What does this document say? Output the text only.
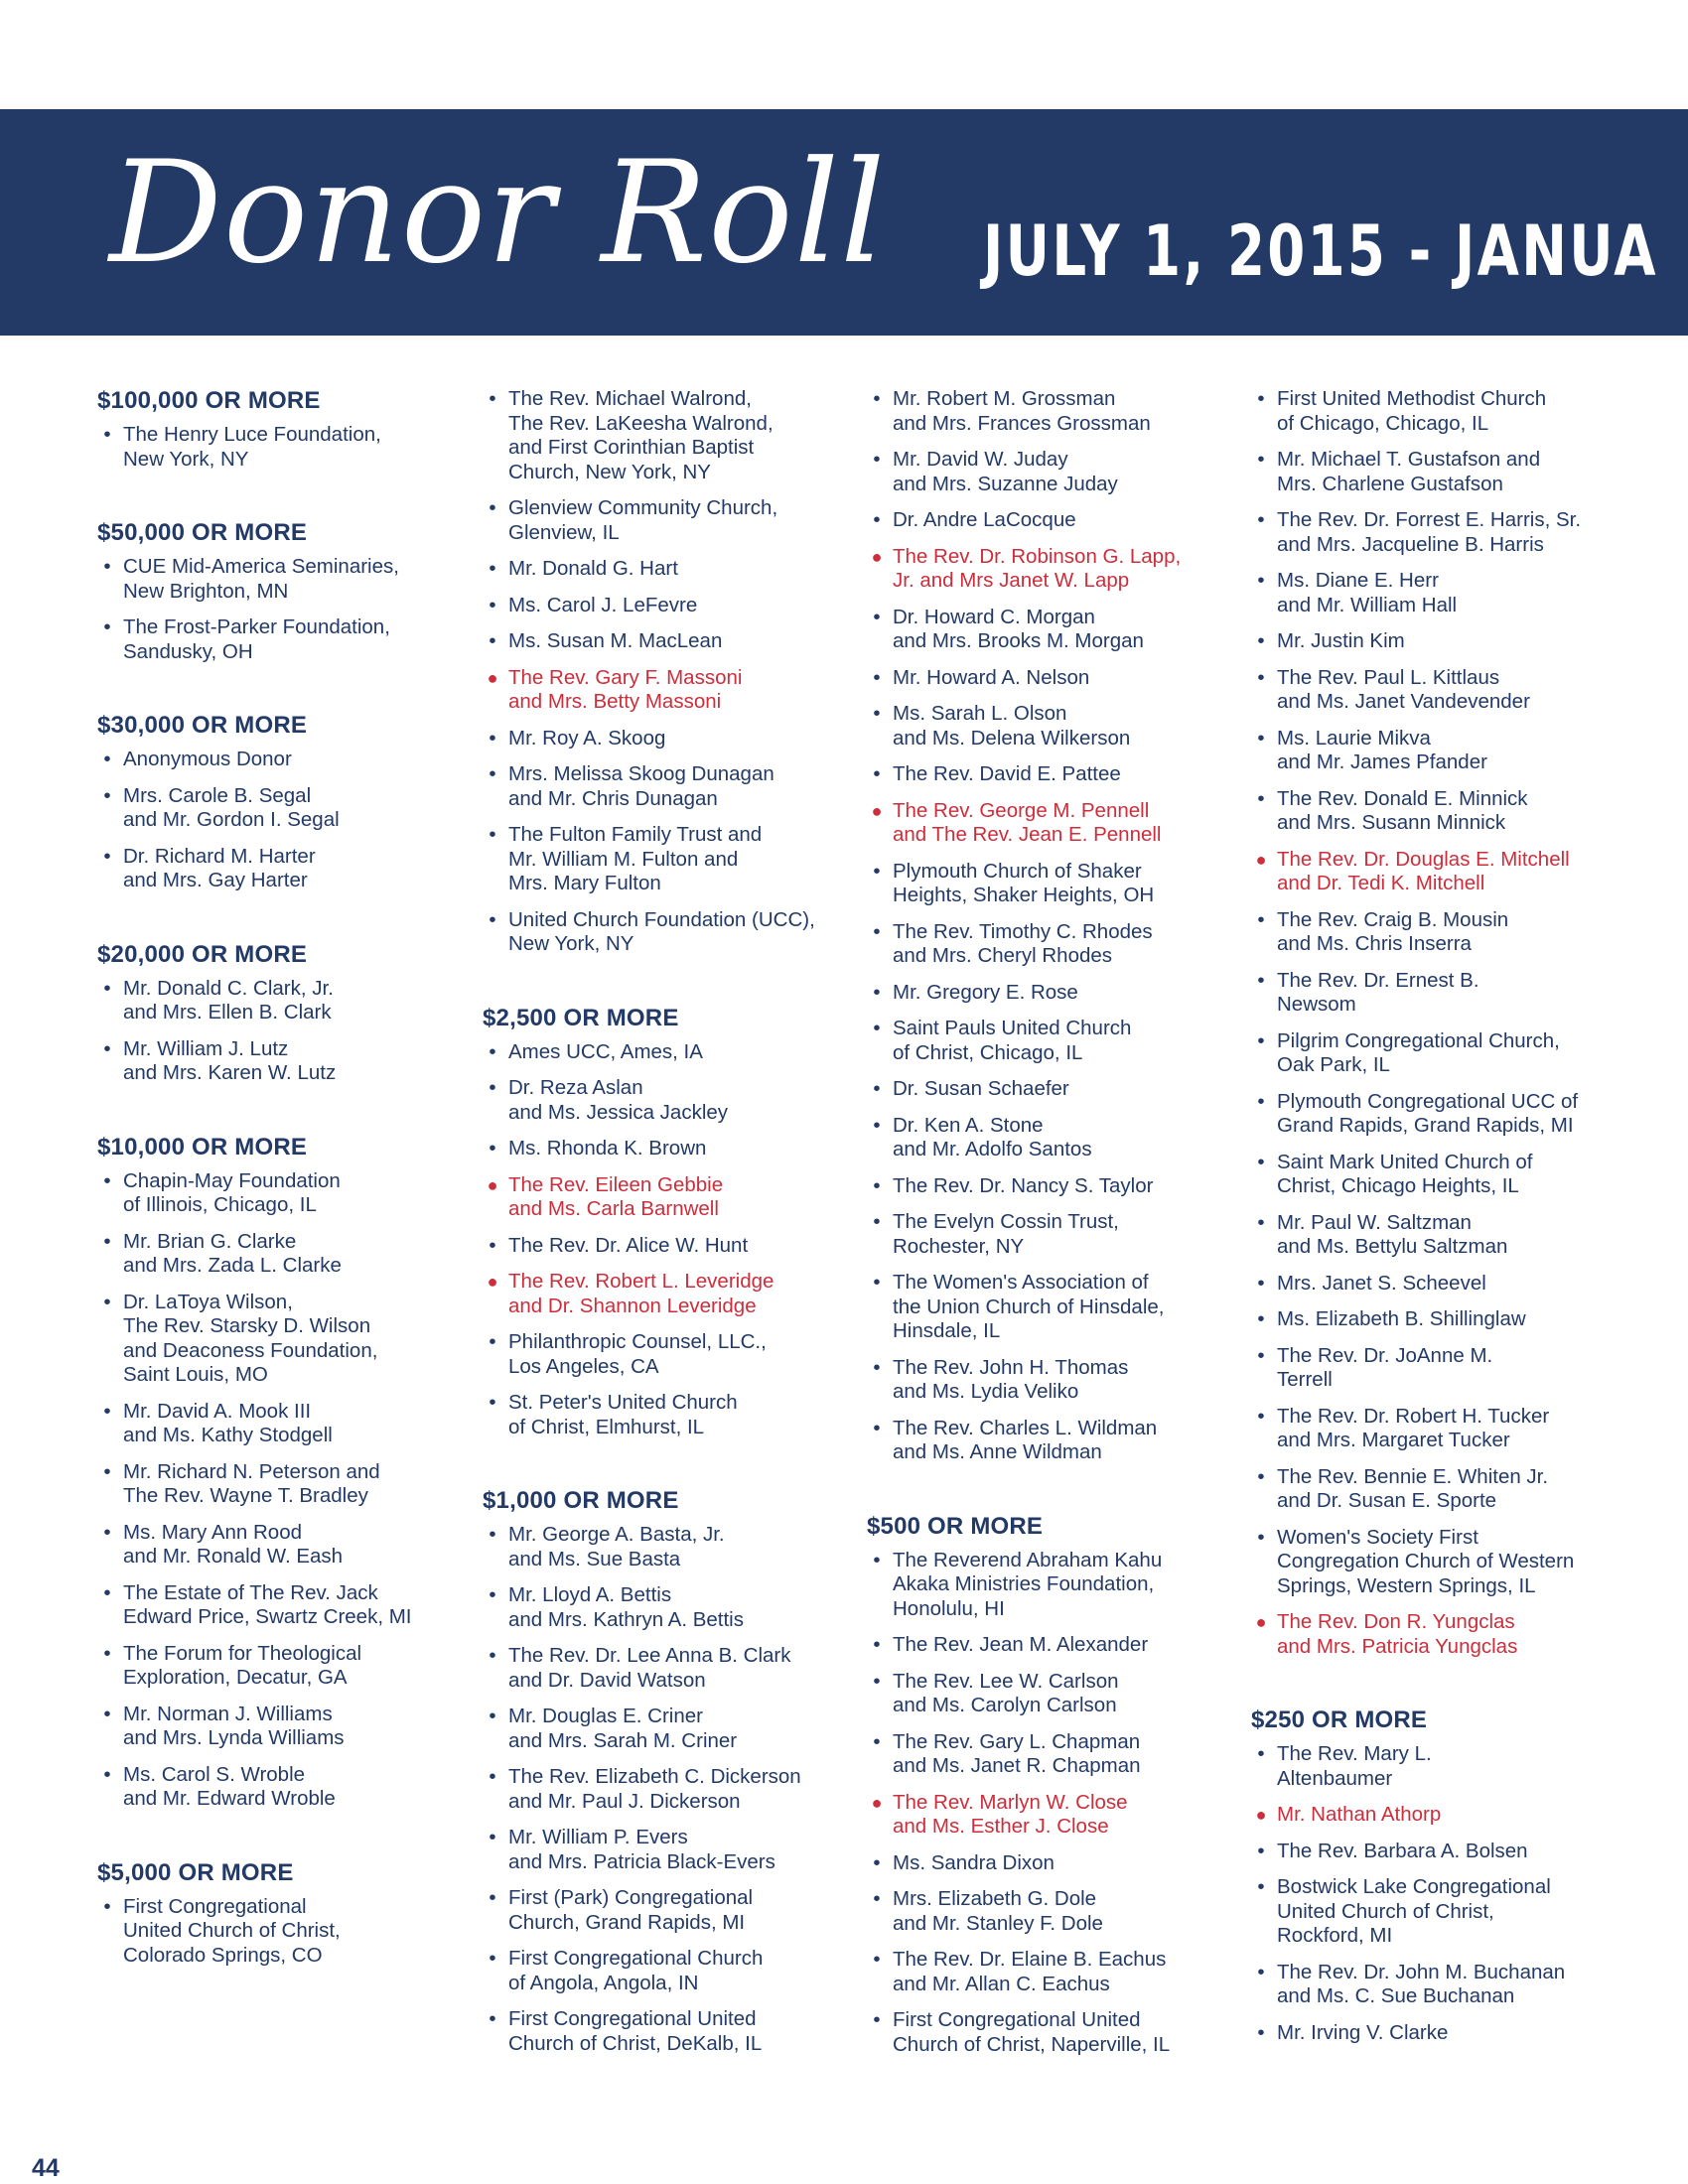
Donor Roll JULY 1, 2015 - JANUA
$100,000 OR MORE
• The Henry Luce Foundation,
New York, NY
$50,000 OR MORE
• CUE Mid-America Seminaries,
New Brighton, MN
• The Frost-Parker Foundation,
Sandusky, OH
$30,000 OR MORE
• Anonymous Donor
• Mrs. Carole B. Segal
and Mr. Gordon I. Segal
• Dr. Richard M. Harter
and Mrs. Gay Harter
$20,000 OR MORE
• Mr. Donald C. Clark, Jr.
and Mrs. Ellen B. Clark
• Mr. William J. Lutz
and Mrs. Karen W. Lutz
$10,000 OR MORE
• Chapin-May Foundation
of Illinois, Chicago, IL
• Mr. Brian G. Clarke
and Mrs. Zada L. Clarke
• Dr. LaToya Wilson,
The Rev. Starsky D. Wilson
and Deaconess Foundation,
Saint Louis, MO
• Mr. David A. Mook III
and Ms. Kathy Stodgell
• Mr. Richard N. Peterson and
The Rev. Wayne T. Bradley
• Ms. Mary Ann Rood
and Mr. Ronald W. Eash
• The Estate of The Rev. Jack
Edward Price, Swartz Creek, MI
• The Forum for Theological
Exploration, Decatur, GA
• Mr. Norman J. Williams
and Mrs. Lynda Williams
• Ms. Carol S. Wroble
and Mr. Edward Wroble
$5,000 OR MORE
• First Congregational
United Church of Christ,
Colorado Springs, CO
• The Rev. Michael Walrond,
The Rev. LaKeesha Walrond,
and First Corinthian Baptist
Church, New York, NY
• Glenview Community Church,
Glenview, IL
• Mr. Donald G. Hart
• Ms. Carol J. LeFevre
• Ms. Susan M. MacLean
● The Rev. Gary F. Massoni
and Mrs. Betty Massoni
• Mr. Roy A. Skoog
• Mrs. Melissa Skoog Dunagan
and Mr. Chris Dunagan
• The Fulton Family Trust and
Mr. William M. Fulton and
Mrs. Mary Fulton
• United Church Foundation (UCC),
New York, NY
$2,500 OR MORE
• Ames UCC, Ames, IA
• Dr. Reza Aslan
and Ms. Jessica Jackley
• Ms. Rhonda K. Brown
● The Rev. Eileen Gebbie
and Ms. Carla Barnwell
• The Rev. Dr. Alice W. Hunt
● The Rev. Robert L. Leveridge
and Dr. Shannon Leveridge
• Philanthropic Counsel, LLC.,
Los Angeles, CA
• St. Peter's United Church
of Christ, Elmhurst, IL
$1,000 OR MORE
• Mr. George A. Basta, Jr.
and Ms. Sue Basta
• Mr. Lloyd A. Bettis
and Mrs. Kathryn A. Bettis
• The Rev. Dr. Lee Anna B. Clark
and Dr. David Watson
• Mr. Douglas E. Criner
and Mrs. Sarah M. Criner
• The Rev. Elizabeth C. Dickerson
and Mr. Paul J. Dickerson
• Mr. William P. Evers
and Mrs. Patricia Black-Evers
• First (Park) Congregational
Church, Grand Rapids, MI
• First Congregational Church
of Angola, Angola, IN
• First Congregational United
Church of Christ, DeKalb, IL
• Mr. Robert M. Grossman
and Mrs. Frances Grossman
• Mr. David W. Juday
and Mrs. Suzanne Juday
• Dr. Andre LaCocque
● The Rev. Dr. Robinson G. Lapp,
Jr. and Mrs Janet W. Lapp
• Dr. Howard C. Morgan
and Mrs. Brooks M. Morgan
• Mr. Howard A. Nelson
• Ms. Sarah L. Olson
and Ms. Delena Wilkerson
• The Rev. David E. Pattee
● The Rev. George M. Pennell
and The Rev. Jean E. Pennell
• Plymouth Church of Shaker
Heights, Shaker Heights, OH
• The Rev. Timothy C. Rhodes
and Mrs. Cheryl Rhodes
• Mr. Gregory E. Rose
• Saint Pauls United Church
of Christ, Chicago, IL
• Dr. Susan Schaefer
• Dr. Ken A. Stone
and Mr. Adolfo Santos
• The Rev. Dr. Nancy S. Taylor
• The Evelyn Cossin Trust,
Rochester, NY
• The Women's Association of
the Union Church of Hinsdale,
Hinsdale, IL
• The Rev. John H. Thomas
and Ms. Lydia Veliko
• The Rev. Charles L. Wildman
and Ms. Anne Wildman
$500 OR MORE
• The Reverend Abraham Kahu
Akaka Ministries Foundation,
Honolulu, HI
• The Rev. Jean M. Alexander
• The Rev. Lee W. Carlson
and Ms. Carolyn Carlson
• The Rev. Gary L. Chapman
and Ms. Janet R. Chapman
● The Rev. Marlyn W. Close
and Ms. Esther J. Close
• Ms. Sandra Dixon
• Mrs. Elizabeth G. Dole
and Mr. Stanley F. Dole
• The Rev. Dr. Elaine B. Eachus
and Mr. Allan C. Eachus
• First Congregational United
Church of Christ, Naperville, IL
• First United Methodist Church
of Chicago, Chicago, IL
• Mr. Michael T. Gustafson and
Mrs. Charlene Gustafson
• The Rev. Dr. Forrest E. Harris, Sr.
and Mrs. Jacqueline B. Harris
• Ms. Diane E. Herr
and Mr. William Hall
• Mr. Justin Kim
• The Rev. Paul L. Kittlaus
and Ms. Janet Vandevender
• Ms. Laurie Mikva
and Mr. James Pfander
• The Rev. Donald E. Minnick
and Mrs. Susann Minnick
● The Rev. Dr. Douglas E. Mitchell
and Dr. Tedi K. Mitchell
• The Rev. Craig B. Mousin
and Ms. Chris Inserra
• The Rev. Dr. Ernest B.
Newsom
• Pilgrim Congregational Church,
Oak Park, IL
• Plymouth Congregational UCC of
Grand Rapids, Grand Rapids, MI
• Saint Mark United Church of
Christ, Chicago Heights, IL
• Mr. Paul W. Saltzman
and Ms. Bettylu Saltzman
• Mrs. Janet S. Scheevel
• Ms. Elizabeth B. Shillinglaw
• The Rev. Dr. JoAnne M.
Terrell
• The Rev. Dr. Robert H. Tucker
and Mrs. Margaret Tucker
• The Rev. Bennie E. Whiten Jr.
and Dr. Susan E. Sporte
• Women's Society First
Congregation Church of Western
Springs, Western Springs, IL
● The Rev. Don R. Yungclas
and Mrs. Patricia Yungclas
$250 OR MORE
• The Rev. Mary L.
Altenbaumer
● Mr. Nathan Athorp
• The Rev. Barbara A. Bolsen
• Bostwick Lake Congregational
United Church of Christ,
Rockford, MI
• The Rev. Dr. John M. Buchanan
and Ms. C. Sue Buchanan
• Mr. Irving V. Clarke
44
